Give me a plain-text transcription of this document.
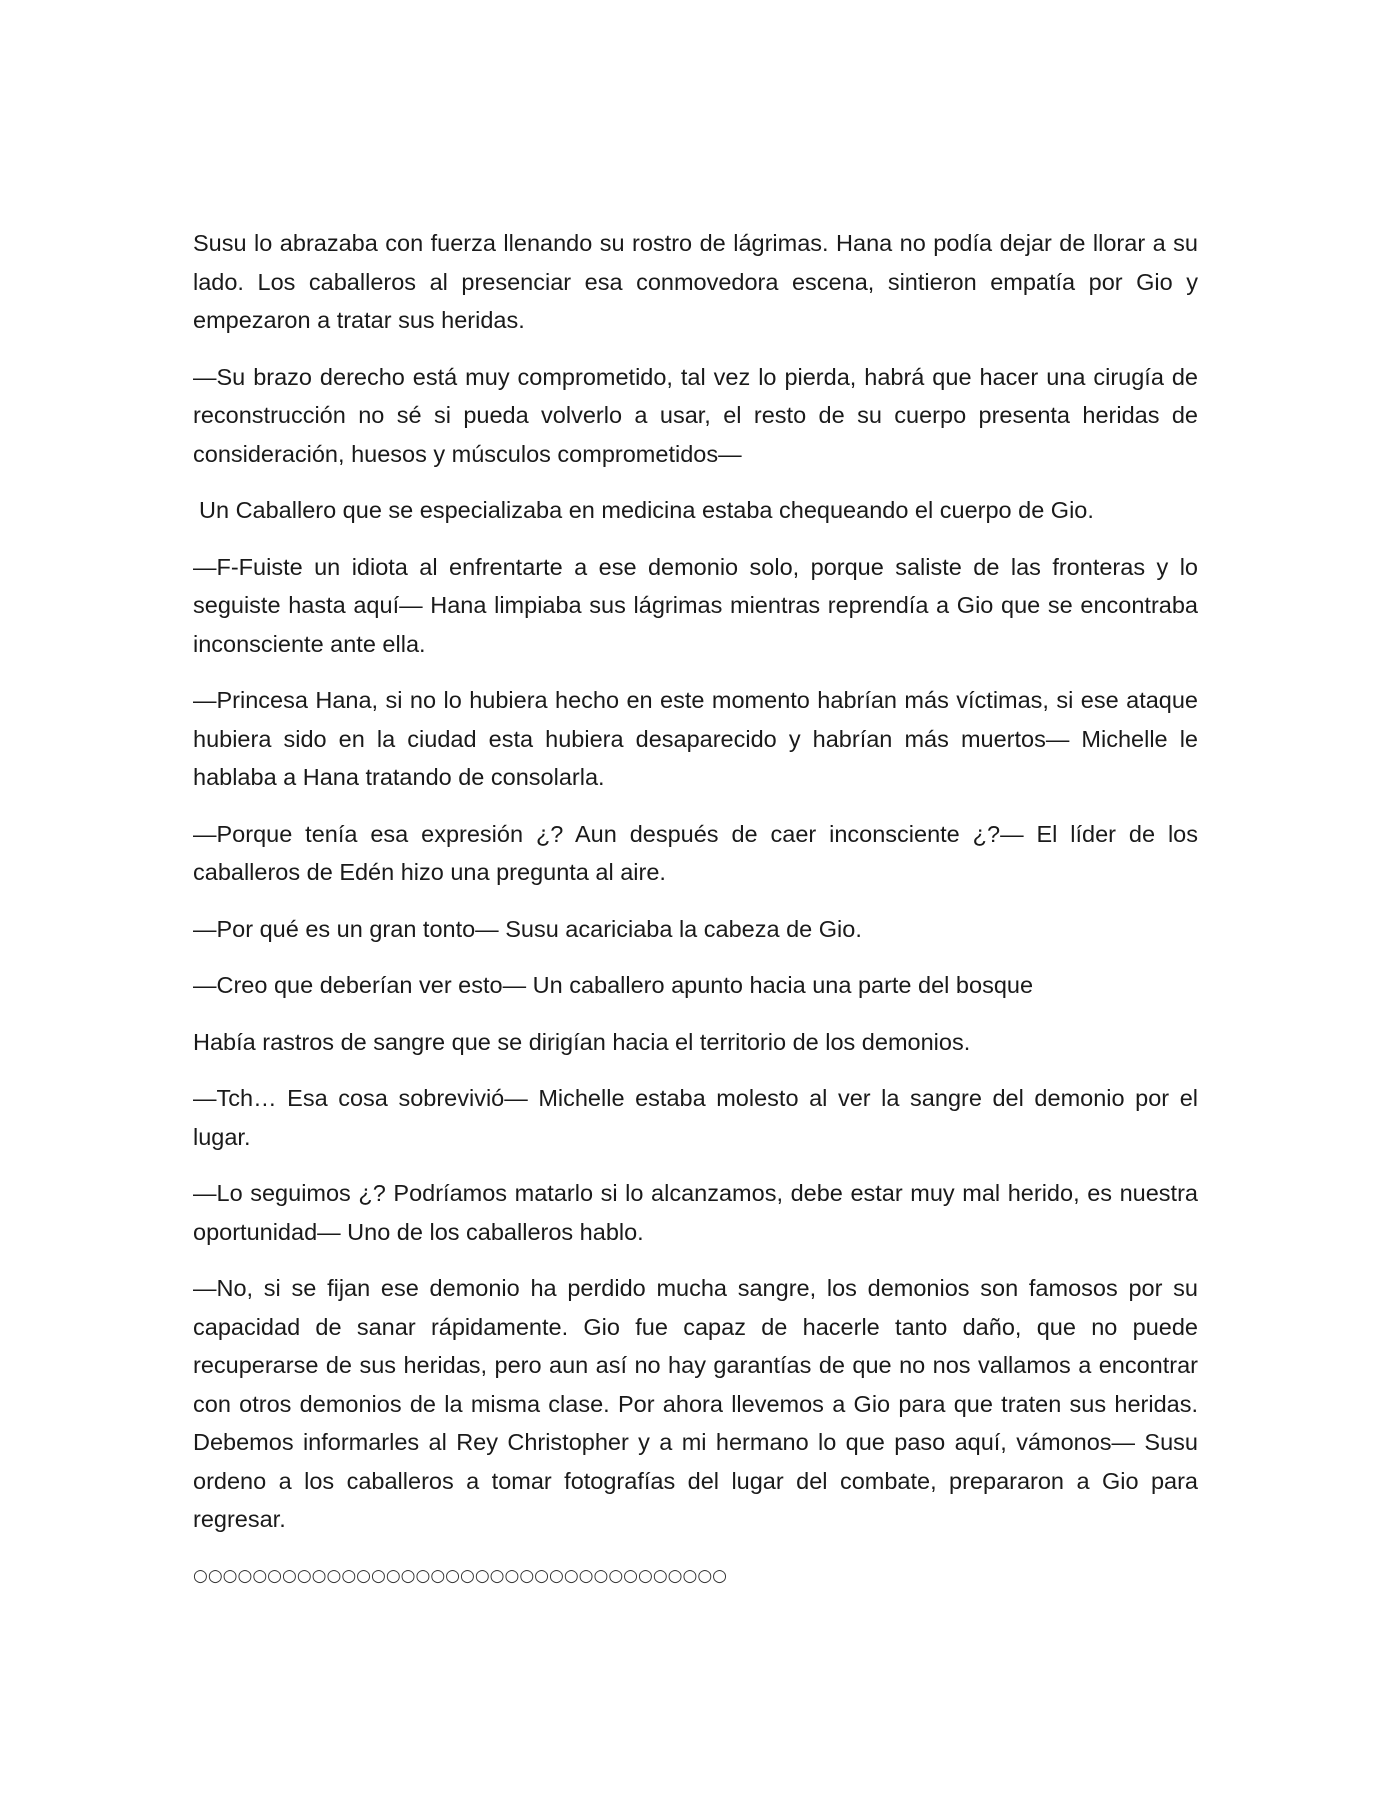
Susu lo abrazaba con fuerza llenando su rostro de lágrimas. Hana no podía dejar de llorar a su lado. Los caballeros al presenciar esa conmovedora escena, sintieron empatía por Gio y empezaron a tratar sus heridas.

—Su brazo derecho está muy comprometido, tal vez lo pierda, habrá que hacer una cirugía de reconstrucción no sé si pueda volverlo a usar, el resto de su cuerpo presenta heridas de consideración, huesos y músculos comprometidos—

Un Caballero que se especializaba en medicina estaba chequeando el cuerpo de Gio.

—F-Fuiste un idiota al enfrentarte a ese demonio solo, porque saliste de las fronteras y lo seguiste hasta aquí— Hana limpiaba sus lágrimas mientras reprendía a Gio que se encontraba inconsciente ante ella.

—Princesa Hana, si no lo hubiera hecho en este momento habrían más víctimas, si ese ataque hubiera sido en la ciudad esta hubiera desaparecido y habrían más muertos— Michelle le hablaba a Hana tratando de consolarla.

—Porque tenía esa expresión ¿? Aun después de caer inconsciente ¿?— El líder de los caballeros de Edén hizo una pregunta al aire.

—Por qué es un gran tonto— Susu acariciaba la cabeza de Gio.

—Creo que deberían ver esto— Un caballero apunto hacia una parte del bosque

Había rastros de sangre que se dirigían hacia el territorio de los demonios.

—Tch… Esa cosa sobrevivió— Michelle estaba molesto al ver la sangre del demonio por el lugar.

—Lo seguimos ¿? Podríamos matarlo si lo alcanzamos, debe estar muy mal herido, es nuestra oportunidad— Uno de los caballeros hablo.

—No, si se fijan ese demonio ha perdido mucha sangre, los demonios son famosos por su capacidad de sanar rápidamente. Gio fue capaz de hacerle tanto daño, que no puede recuperarse de sus heridas, pero aun así no hay garantías de que no nos vallamos a encontrar con otros demonios de la misma clase. Por ahora llevemos a Gio para que traten sus heridas. Debemos informarles al Rey Christopher y a mi hermano lo que paso aquí, vámonos— Susu ordeno a los caballeros a tomar fotografías del lugar del combate, prepararon a Gio para regresar.

○○○○○○○○○○○○○○○○○○○○○○○○○○○○○○○○○○○○
